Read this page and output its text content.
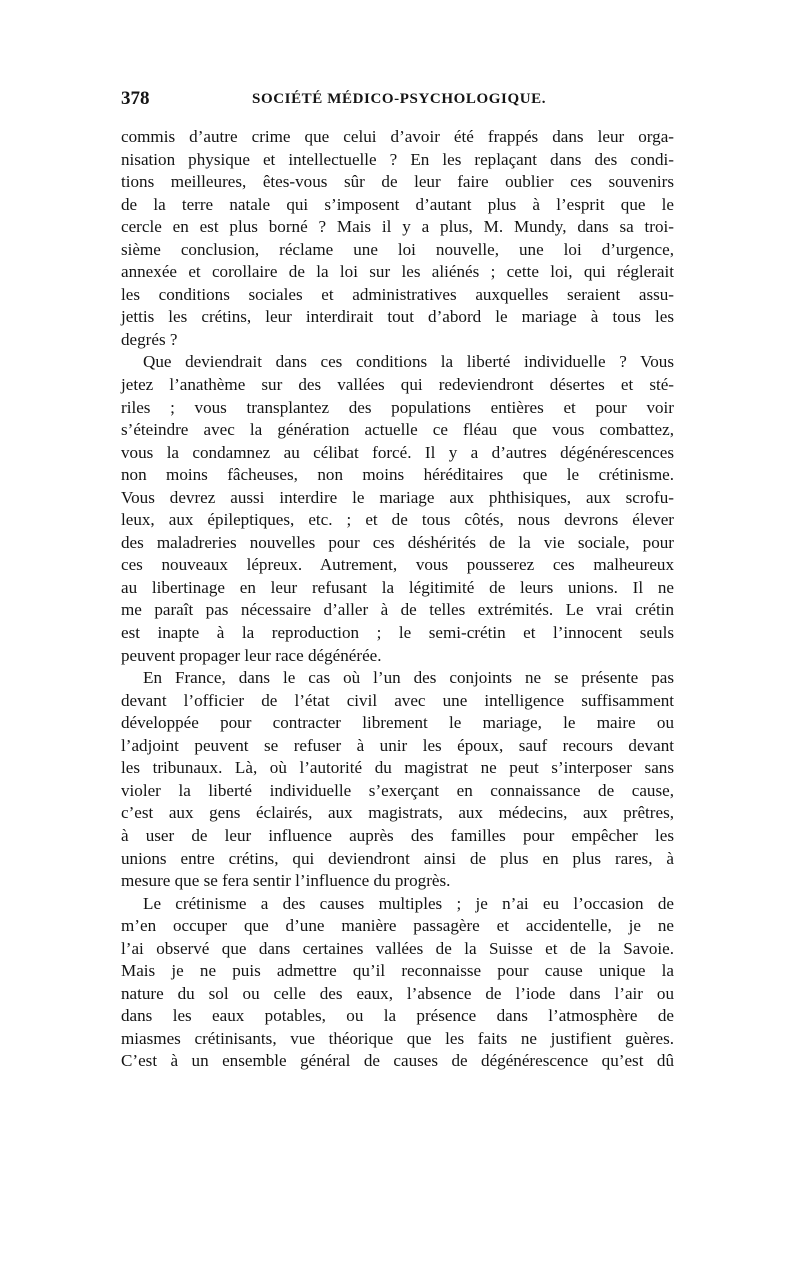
378	SOCIÉTÉ MÉDICO-PSYCHOLOGIQUE.
commis d’autre crime que celui d’avoir été frappés dans leur orga-
nisation physique et intellectuelle ? En les replaçant dans des condi-
tions meilleures, êtes-vous sûr de leur faire oublier ces souvenirs
de la terre natale qui s’imposent d’autant plus à l’esprit que le
cercle en est plus borné ? Mais il y a plus, M. Mundy, dans sa troi-
sième conclusion, réclame une loi nouvelle, une loi d’urgence,
annexée et corollaire de la loi sur les aliénés ; cette loi, qui réglerait
les conditions sociales et administratives auxquelles seraient assu-
jettis les crétins, leur interdirait tout d’abord le mariage à tous les
degrés ?
Que deviendrait dans ces conditions la liberté individuelle ? Vous
jetez l’anathème sur des vallées qui redeviendront désertes et sté-
riles ; vous transplantez des populations entières et pour voir
s’éteindre avec la génération actuelle ce fléau que vous combattez,
vous la condamnez au célibat forcé. Il y a d’autres dégénérescences
non moins fâcheuses, non moins héréditaires que le crétinisme.
Vous devrez aussi interdire le mariage aux phthisiques, aux scrofu-
leux, aux épileptiques, etc. ; et de tous côtés, nous devrons élever
des maladreries nouvelles pour ces déshérités de la vie sociale, pour
ces nouveaux lépreux. Autrement, vous pousserez ces malheureux
au libertinage en leur refusant la légitimité de leurs unions. Il ne
me paraît pas nécessaire d’aller à de telles extrémités. Le vrai crétin
est inapte à la reproduction ; le semi-crétin et l’innocent seuls
peuvent propager leur race dégénérée.
En France, dans le cas où l’un des conjoints ne se présente pas
devant l’officier de l’état civil avec une intelligence suffisamment
développée pour contracter librement le mariage, le maire ou
l’adjoint peuvent se refuser à unir les époux, sauf recours devant
les tribunaux. Là, où l’autorité du magistrat ne peut s’interposer sans
violer la liberté individuelle s’exerçant en connaissance de cause,
c’est aux gens éclairés, aux magistrats, aux médecins, aux prêtres,
à user de leur influence auprès des familles pour empêcher les
unions entre crétins, qui deviendront ainsi de plus en plus rares, à
mesure que se fera sentir l’influence du progrès.
Le crétinisme a des causes multiples ; je n’ai eu l’occasion de
m’en occuper que d’une manière passagère et accidentelle, je ne
l’ai observé que dans certaines vallées de la Suisse et de la Savoie.
Mais je ne puis admettre qu’il reconnaisse pour cause unique la
nature du sol ou celle des eaux, l’absence de l’iode dans l’air ou
dans les eaux potables, ou la présence dans l’atmosphère de
miasmes crétinisants, vue théorique que les faits ne justifient guères.
C’est à un ensemble général de causes de dégénérescence qu’est dû
